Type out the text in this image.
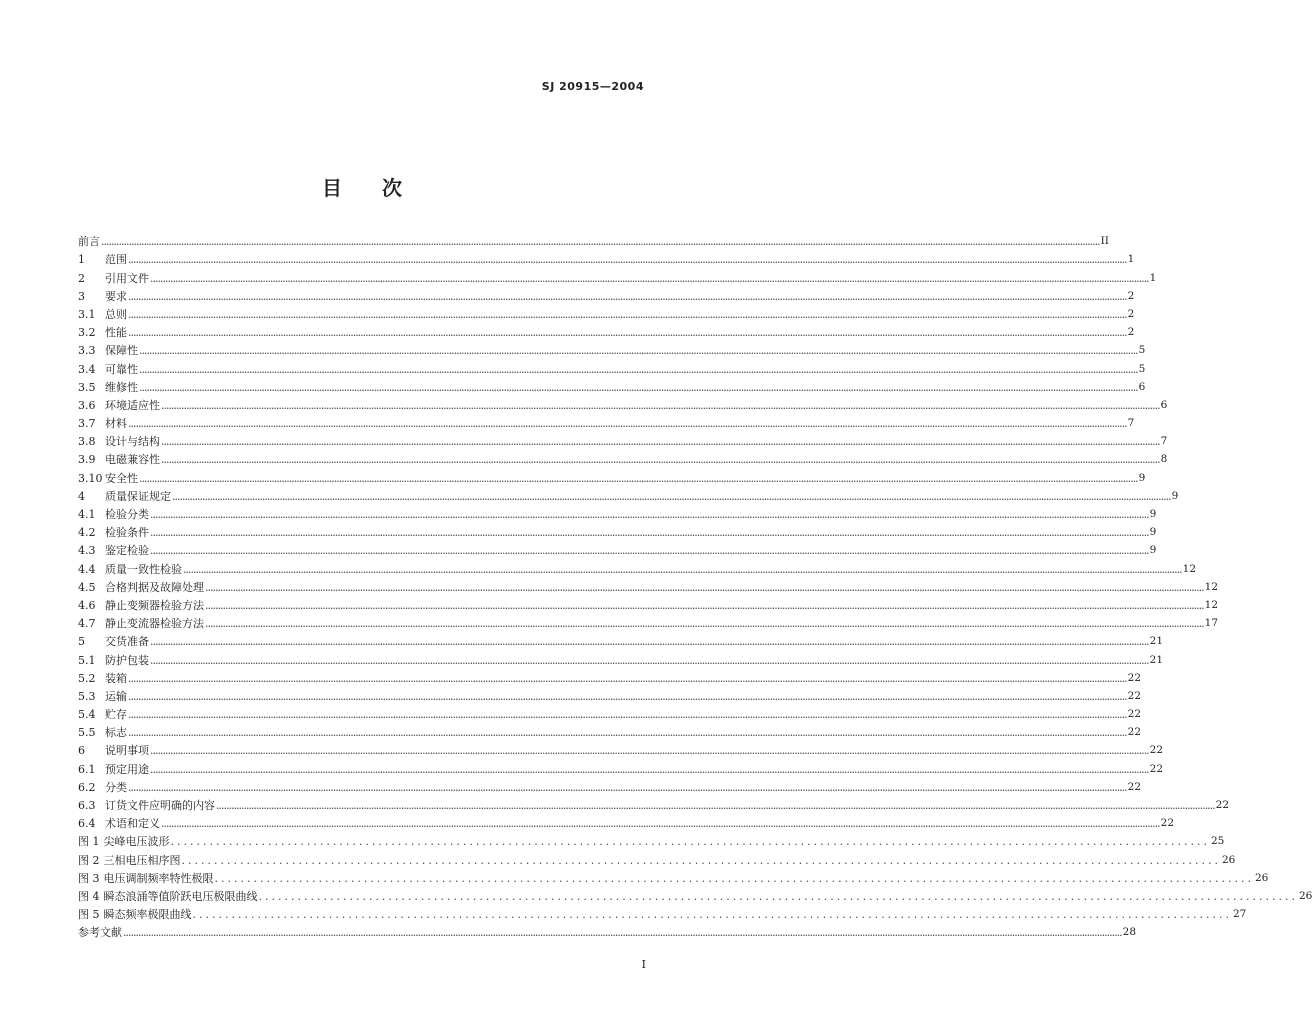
SJ 20915—2004
目　　次
前言 ................................................................................................................................................................................................................................................................................................................................................................................................................ II
1	范围 ................................................................................................................................................................................................................................................................................................................................................................................................................ 1
2	引用文件 ................................................................................................................................................................................................................................................................................................................................................................................................................ 1
3	要求 ................................................................................................................................................................................................................................................................................................................................................................................................................ 2
3.1 总则 ................................................................................................................................................................................................................................................................................................................................................................................................................ 2
3.2 性能 ................................................................................................................................................................................................................................................................................................................................................................................................................ 2
3.3 保障性 ................................................................................................................................................................................................................................................................................................................................................................................................................ 5
3.4 可靠性 ................................................................................................................................................................................................................................................................................................................................................................................................................ 5
3.5 维修性 ................................................................................................................................................................................................................................................................................................................................................................................................................ 6
3.6 环境适应性 ................................................................................................................................................................................................................................................................................................................................................................................................................ 6
3.7 材料 ................................................................................................................................................................................................................................................................................................................................................................................................................ 7
3.8 设计与结构 ................................................................................................................................................................................................................................................................................................................................................................................................................ 7
3.9 电磁兼容性 ................................................................................................................................................................................................................................................................................................................................................................................................................ 8
3.10 安全性 ................................................................................................................................................................................................................................................................................................................................................................................................................ 9
4	质量保证规定 ................................................................................................................................................................................................................................................................................................................................................................................................................ 9
4.1 检验分类 ................................................................................................................................................................................................................................................................................................................................................................................................................ 9
4.2 检验条件 ................................................................................................................................................................................................................................................................................................................................................................................................................ 9
4.3 鉴定检验 ................................................................................................................................................................................................................................................................................................................................................................................................................ 9
4.4 质量一致性检验 ................................................................................................................................................................................................................................................................................................................................................................................................................ 12
4.5 合格判据及故障处理 ................................................................................................................................................................................................................................................................................................................................................................................................................ 12
4.6 静止变频器检验方法 ................................................................................................................................................................................................................................................................................................................................................................................................................ 12
4.7 静止变流器检验方法 ................................................................................................................................................................................................................................................................................................................................................................................................................ 17
5	交货准备 ................................................................................................................................................................................................................................................................................................................................................................................................................ 21
5.1 防护包装 ................................................................................................................................................................................................................................................................................................................................................................................................................ 21
5.2 装箱 ................................................................................................................................................................................................................................................................................................................................................................................................................ 22
5.3 运输 ................................................................................................................................................................................................................................................................................................................................................................................................................ 22
5.4 贮存 ................................................................................................................................................................................................................................................................................................................................................................................................................ 22
5.5 标志 ................................................................................................................................................................................................................................................................................................................................................................................................................ 22
6	说明事项 ................................................................................................................................................................................................................................................................................................................................................................................................................ 22
6.1 预定用途 ................................................................................................................................................................................................................................................................................................................................................................................................................ 22
6.2 分类 ................................................................................................................................................................................................................................................................................................................................................................................................................ 22
6.3 订货文件应明确的内容 ................................................................................................................................................................................................................................................................................................................................................................................................................ 22
6.4 术语和定义 ................................................................................................................................................................................................................................................................................................................................................................................................................ 22
图 1 尖峰电压波形 ................................................................................................................................................................ 25
图 2 三相电压相序图 ................................................................................................................................................................ 26
图 3 电压调制频率特性极限 ................................................................................................................................................................ 26
图 4 瞬态浪涌等值阶跃电压极限曲线 ................................................................................................................................................................ 26
图 5 瞬态频率极限曲线 ................................................................................................................................................................ 27
参考文献 ................................................................................................................................................................................................................................................................................................................................................................................................................ 28
I
